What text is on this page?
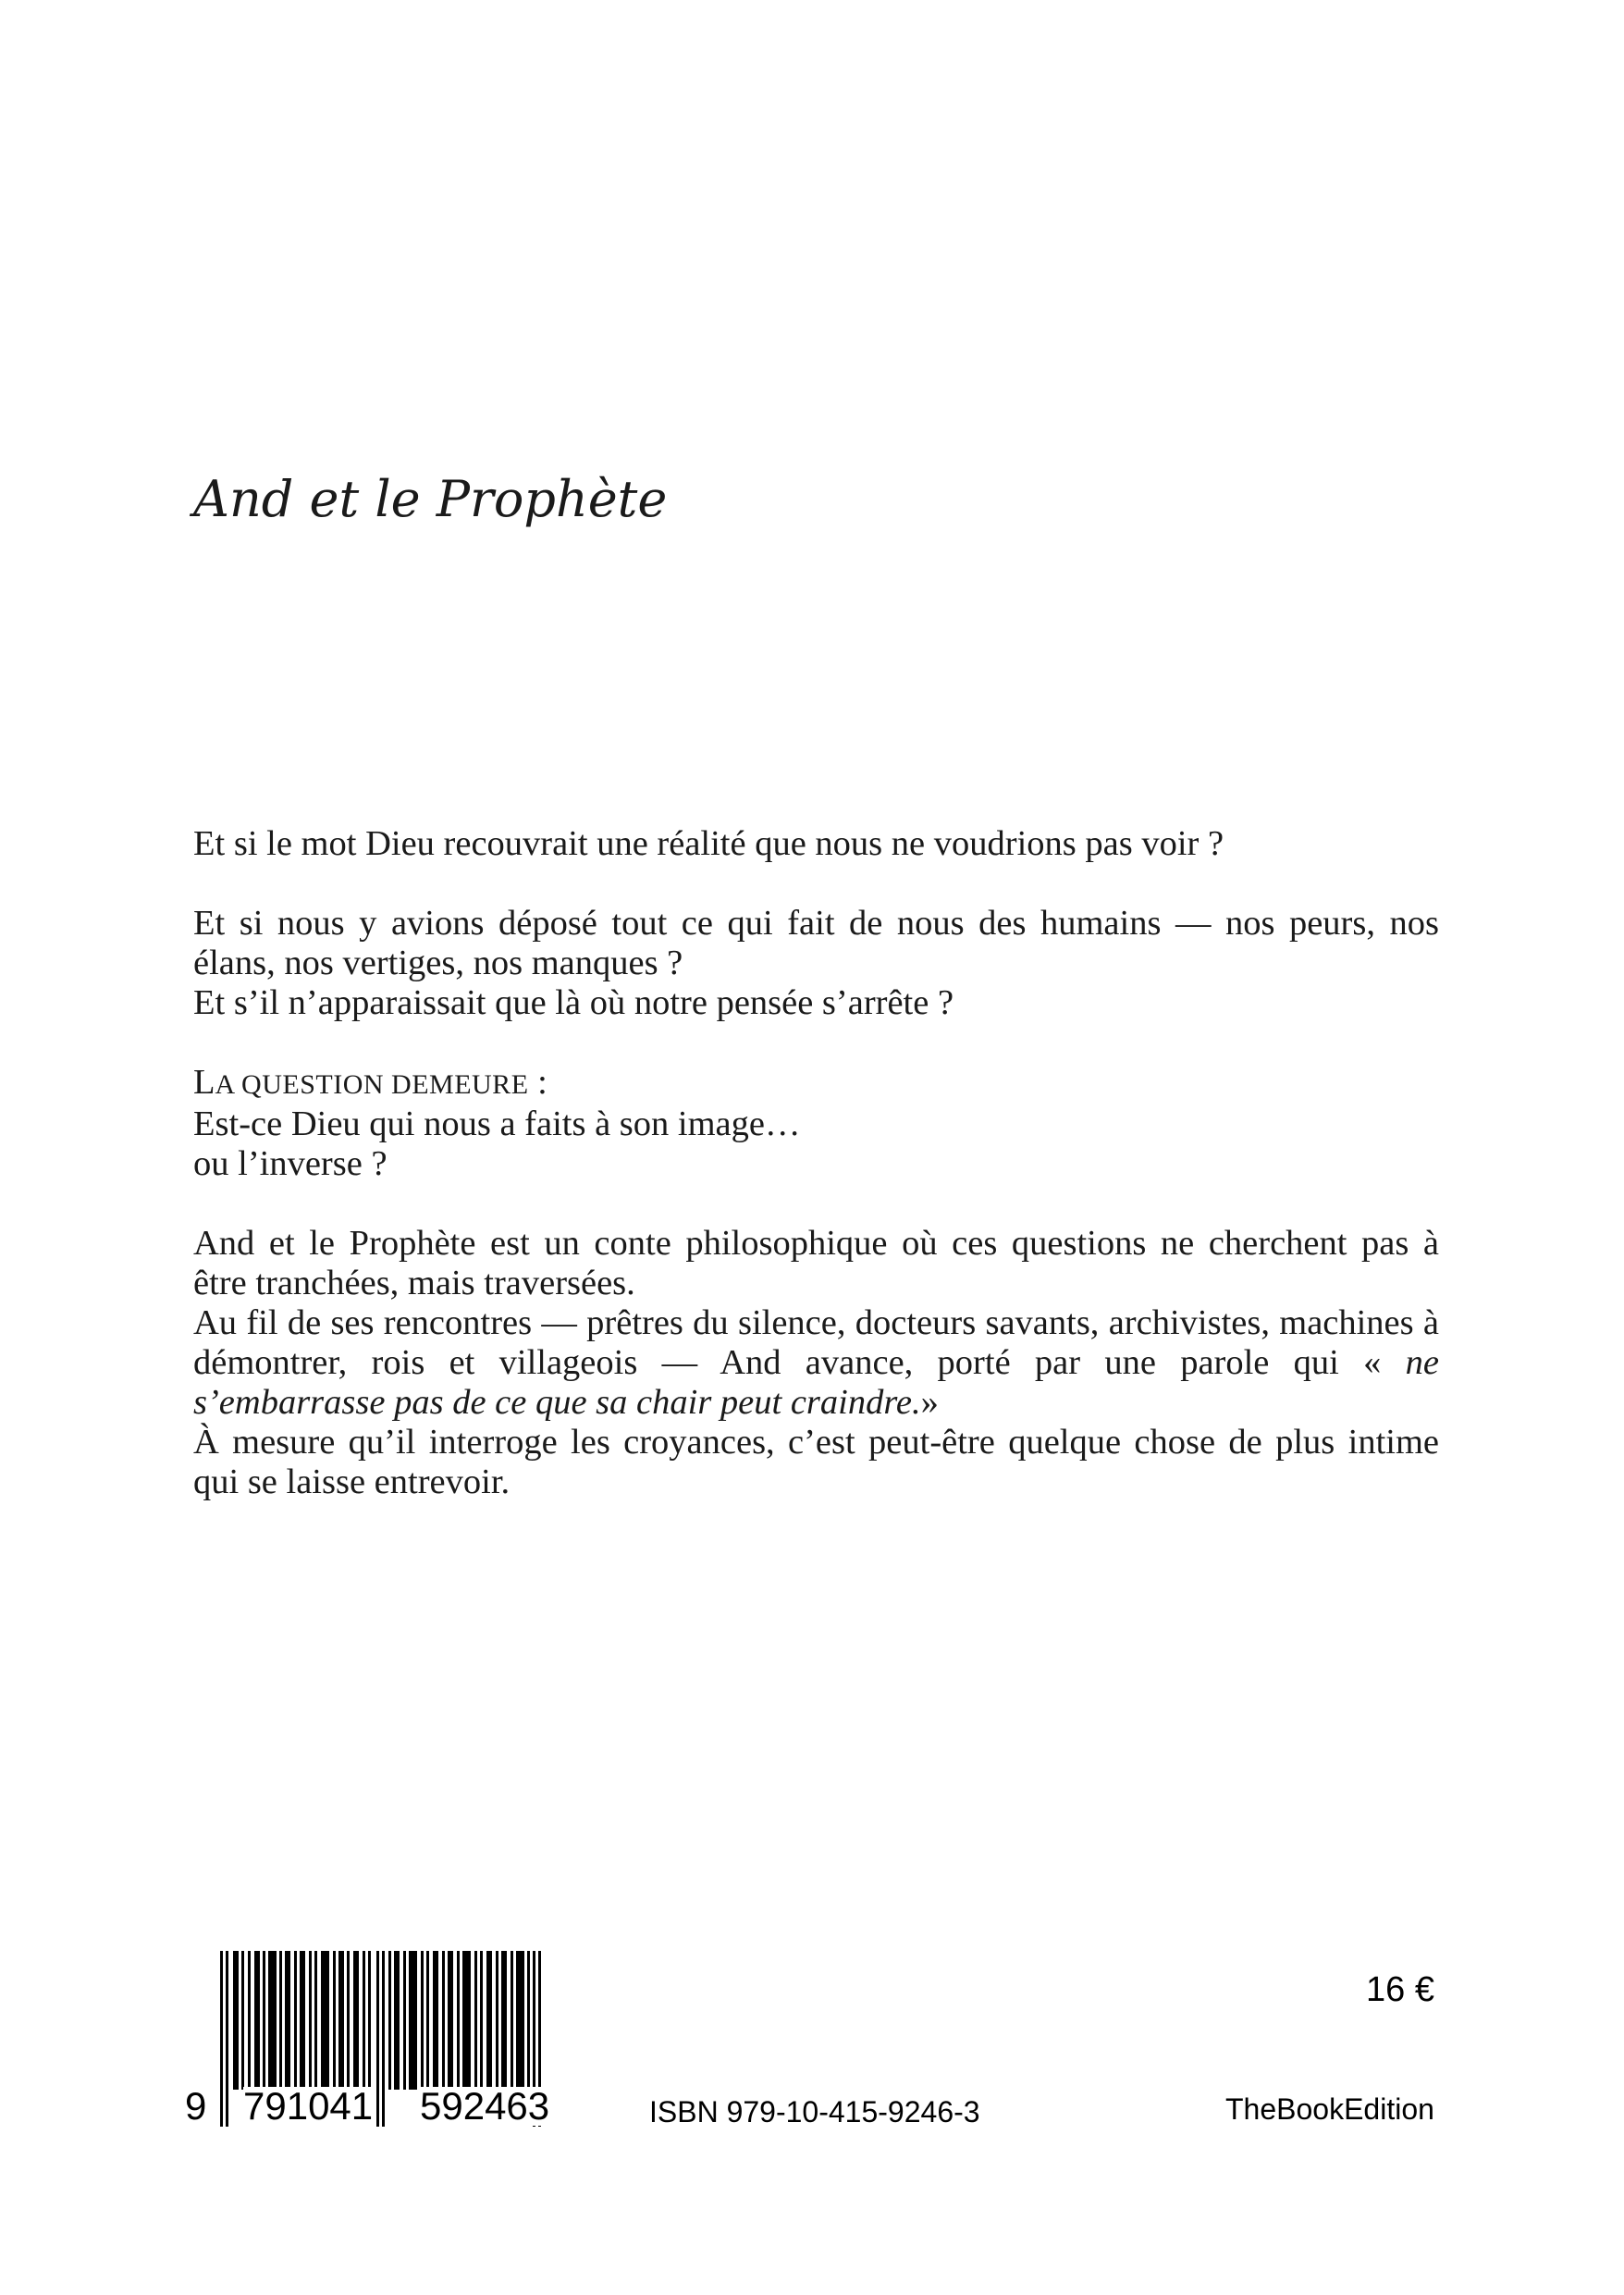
And et le Prophète

Et si le mot Dieu recouvrait une réalité que nous ne voudrions pas voir ?

Et si nous y avions déposé tout ce qui fait de nous des humains — nos peurs, nos

élans, nos vertiges, nos manques ?

Et s’il n’apparaissait que là où notre pensée s’arrête ?

LA QUESTION DEMEURE :

Est-ce Dieu qui nous a faits à son image…

ou l’inverse ?

And et le Prophète est un conte philosophique où ces questions ne cherchent pas à

être tranchées, mais traversées.

Au fil de ses rencontres — prêtres du silence, docteurs savants, archivistes, machines à

démontrer, rois et villageois — And avance, porté par une parole qui « ne

s’embarrasse pas de ce que sa chair peut craindre.»

À mesure qu’il interroge les croyances, c’est peut-être quelque chose de plus intime

qui se laisse entrevoir.

9 791041 592463	ISBN 979-10-415-9246-3
16 €
TheBookEdition
